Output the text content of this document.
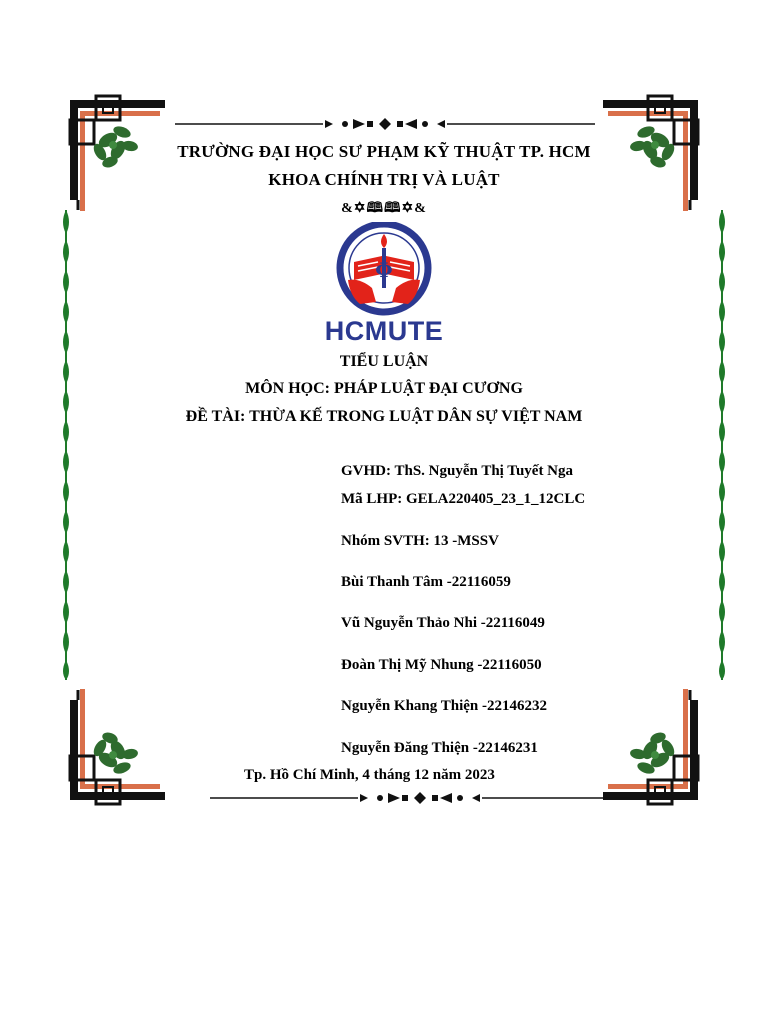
TRƯỜNG ĐẠI HỌC SƯ PHẠM KỸ THUẬT TP. HCM
KHOA CHÍNH TRỊ VÀ LUẬT
&✡🕮🕮✡&
Φ
HCMUTE
TIỂU LUẬN
MÔN HỌC: PHÁP LUẬT ĐẠI CƯƠNG
ĐỀ TÀI: THỪA KẾ TRONG LUẬT DÂN SỰ VIỆT NAM
GVHD: ThS. Nguyễn Thị Tuyết Nga
Mã LHP: GELA220405_23_1_12CLC
Nhóm SVTH: 13 -MSSV
Bùi Thanh Tâm -22116059
Vũ Nguyễn Thảo Nhi -22116049
Đoàn Thị Mỹ Nhung -22116050
Nguyễn Khang Thiện -22146232
Nguyễn Đăng Thiện -22146231
Tp. Hồ Chí Minh, 4 tháng 12 năm 2023
